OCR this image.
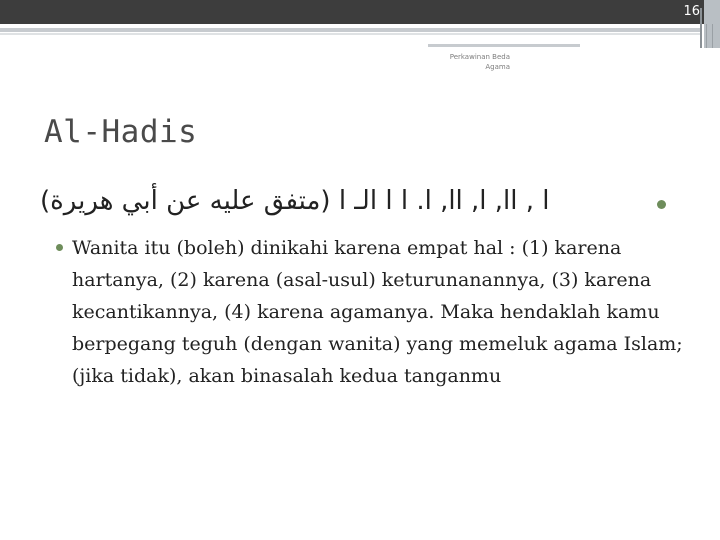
16
Perkawinan Beda
Agama
Al-Hadis
ا , اا, ا, اا, ا. ا ا الـ ا (متفق عليه عن أبي هريرة)

Wanita itu (boleh) dinikahi karena empat hal : (1) karena hartanya, (2) karena (asal-usul) keturunanannya, (3) karena kecantikannya, (4) karena agamanya. Maka hendaklah kamu berpegang teguh (dengan wanita) yang memeluk agama Islam; (jika tidak), akan binasalah kedua tanganmu
